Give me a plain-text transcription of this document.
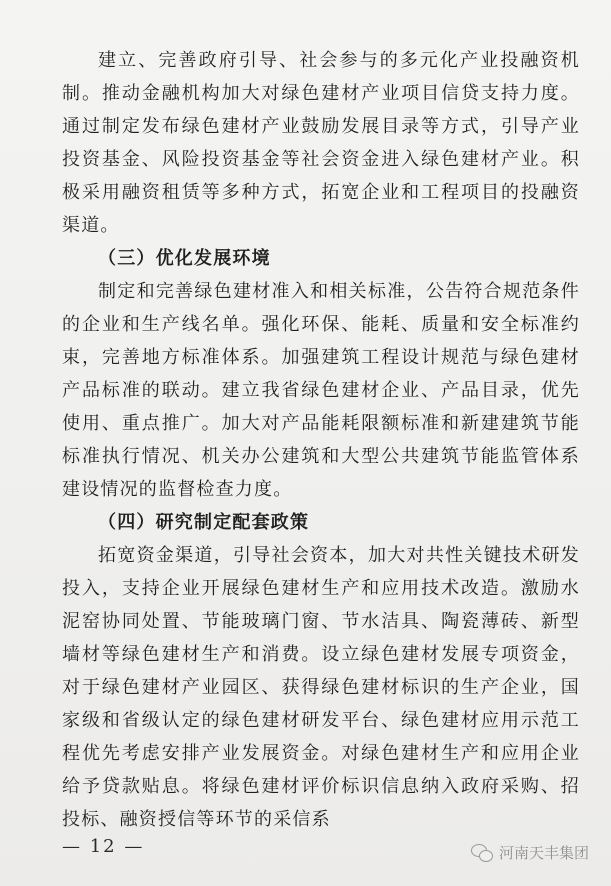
建立、完善政府引导、社会参与的多元化产业投融资机制。推动金融机构加大对绿色建材产业项目信贷支持力度。通过制定发布绿色建材产业鼓励发展目录等方式，引导产业投资基金、风险投资基金等社会资金进入绿色建材产业。积极采用融资租赁等多种方式，拓宽企业和工程项目的投融资渠道。

（三）优化发展环境

制定和完善绿色建材准入和相关标准，公告符合规范条件的企业和生产线名单。强化环保、能耗、质量和安全标准约束，完善地方标准体系。加强建筑工程设计规范与绿色建材产品标准的联动。建立我省绿色建材企业、产品目录，优先使用、重点推广。加大对产品能耗限额标准和新建建筑节能标准执行情况、机关办公建筑和大型公共建筑节能监管体系建设情况的监督检查力度。

（四）研究制定配套政策

拓宽资金渠道，引导社会资本，加大对共性关键技术研发投入，支持企业开展绿色建材生产和应用技术改造。激励水泥窑协同处置、节能玻璃门窗、节水洁具、陶瓷薄砖、新型墙材等绿色建材生产和消费。设立绿色建材发展专项资金，对于绿色建材产业园区、获得绿色建材标识的生产企业，国家级和省级认定的绿色建材研发平台、绿色建材应用示范工程优先考虑安排产业发展资金。对绿色建材生产和应用企业给予贷款贴息。将绿色建材评价标识信息纳入政府采购、招投标、融资授信等环节的采信系

— 12 —	河南天丰集团
